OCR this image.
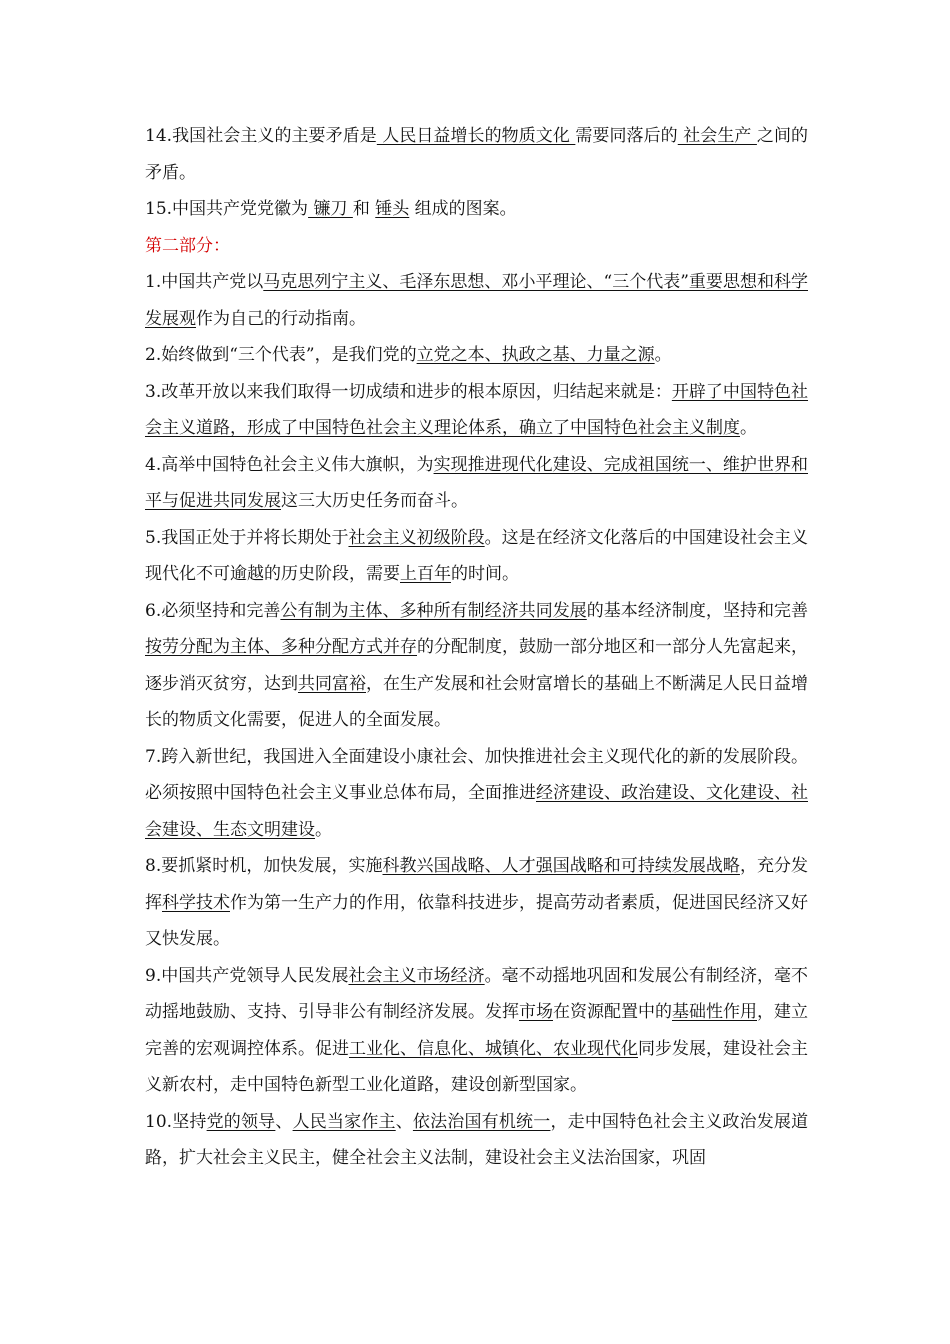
14.我国社会主义的主要矛盾是 人民日益增长的物质文化 需要同落后的 社会生产 之间的矛盾。

15.中国共产党党徽为 镰刀 和 锤头 组成的图案。

第二部分：

1.中国共产党以马克思列宁主义、毛泽东思想、邓小平理论、“三个代表”重要思想和科学发展观作为自己的行动指南。

2.始终做到“三个代表”，是我们党的立党之本、执政之基、力量之源。

3.改革开放以来我们取得一切成绩和进步的根本原因，归结起来就是：开辟了中国特色社会主义道路，形成了中国特色社会主义理论体系，确立了中国特色社会主义制度。

4.高举中国特色社会主义伟大旗帜，为实现推进现代化建设、完成祖国统一、维护世界和平与促进共同发展这三大历史任务而奋斗。

5.我国正处于并将长期处于社会主义初级阶段。这是在经济文化落后的中国建设社会主义现代化不可逾越的历史阶段，需要上百年的时间。

6.必须坚持和完善公有制为主体、多种所有制经济共同发展的基本经济制度，坚持和完善按劳分配为主体、多种分配方式并存的分配制度，鼓励一部分地区和一部分人先富起来，逐步消灭贫穷，达到共同富裕，在生产发展和社会财富增长的基础上不断满足人民日益增长的物质文化需要，促进人的全面发展。

7.跨入新世纪，我国进入全面建设小康社会、加快推进社会主义现代化的新的发展阶段。必须按照中国特色社会主义事业总体布局，全面推进经济建设、政治建设、文化建设、社会建设、生态文明建设。

8.要抓紧时机，加快发展，实施科教兴国战略、人才强国战略和可持续发展战略，充分发挥科学技术作为第一生产力的作用，依靠科技进步，提高劳动者素质，促进国民经济又好又快发展。

9.中国共产党领导人民发展社会主义市场经济。毫不动摇地巩固和发展公有制经济，毫不动摇地鼓励、支持、引导非公有制经济发展。发挥市场在资源配置中的基础性作用，建立完善的宏观调控体系。促进工业化、信息化、城镇化、农业现代化同步发展，建设社会主义新农村，走中国特色新型工业化道路，建设创新型国家。

10.坚持党的领导、人民当家作主、依法治国有机统一，走中国特色社会主义政治发展道路，扩大社会主义民主，健全社会主义法制，建设社会主义法治国家，巩固
